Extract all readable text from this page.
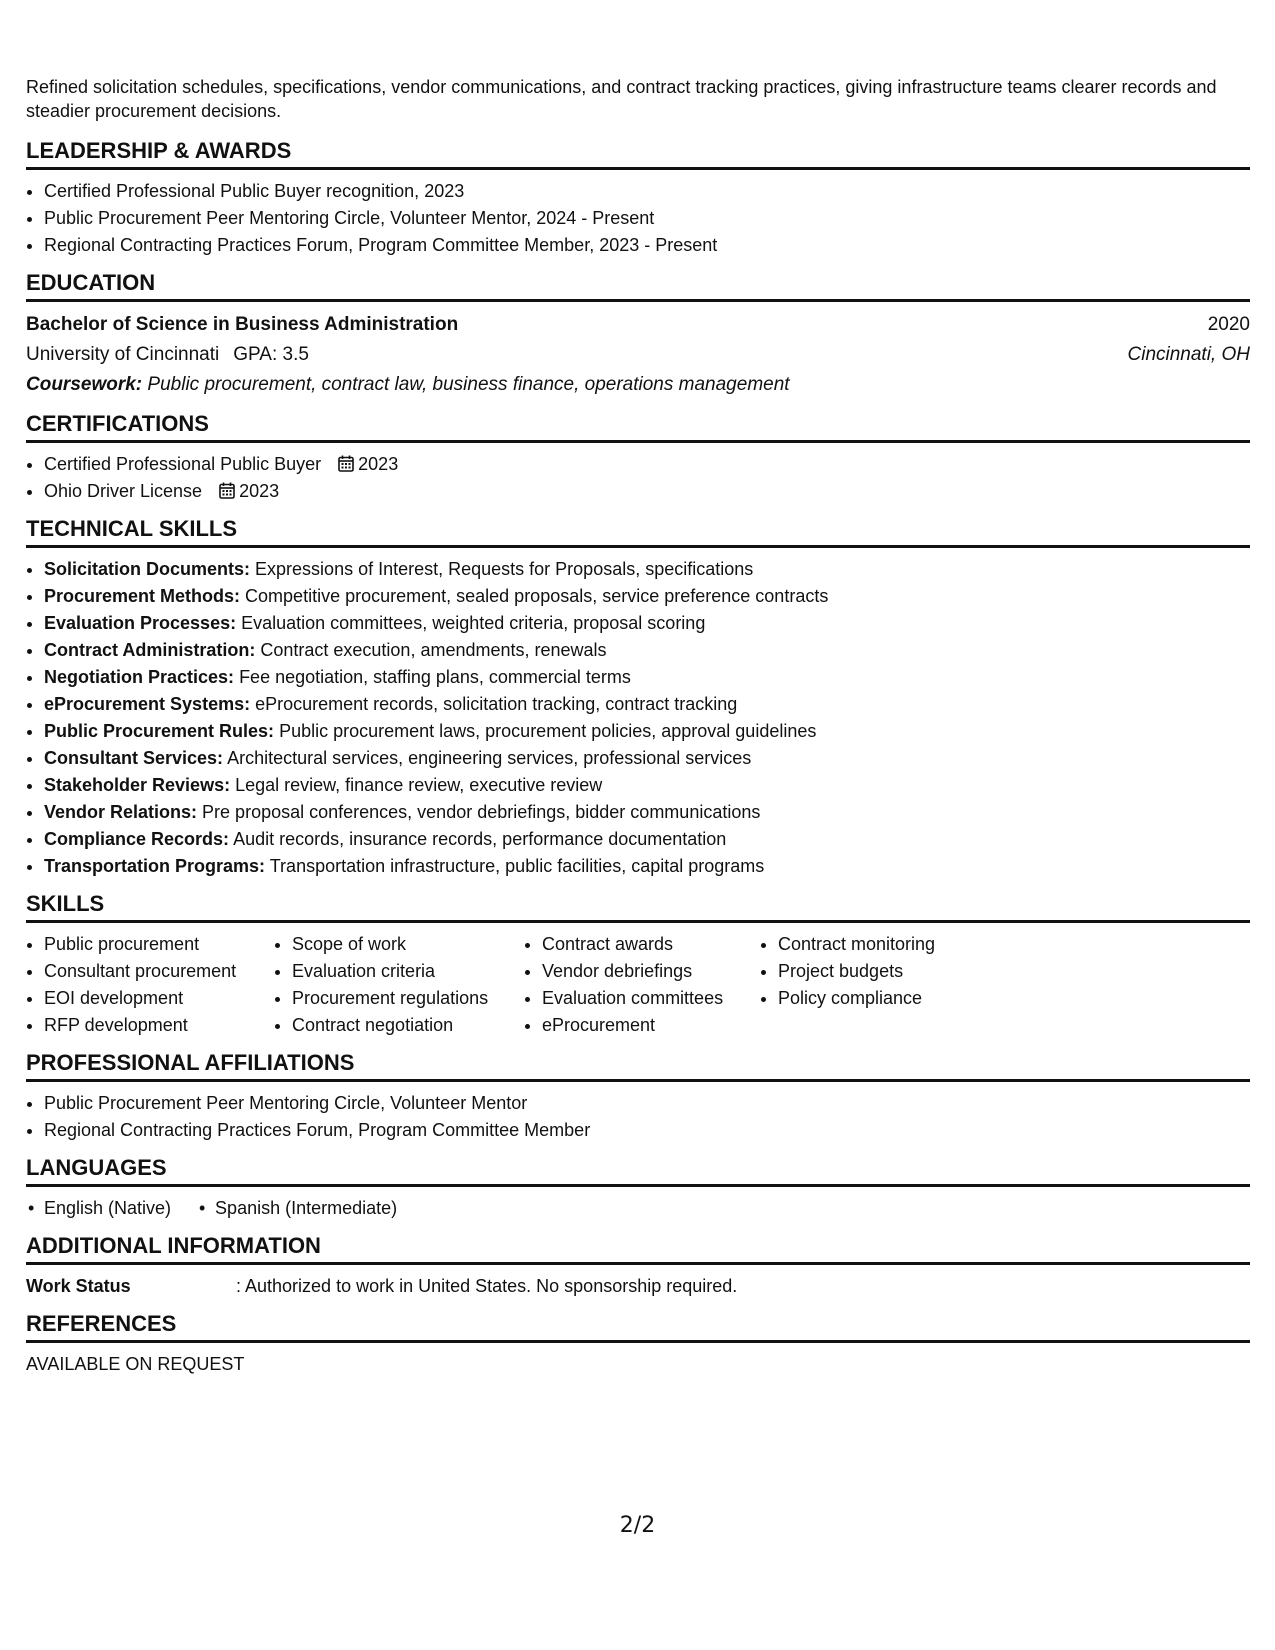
Refined solicitation schedules, specifications, vendor communications, and contract tracking practices, giving infrastructure teams clearer records and steadier procurement decisions.

LEADERSHIP & AWARDS
• Certified Professional Public Buyer recognition, 2023
• Public Procurement Peer Mentoring Circle, Volunteer Mentor, 2024 - Present
• Regional Contracting Practices Forum, Program Committee Member, 2023 - Present
EDUCATION
Bachelor of Science in Business Administration	2020
University of Cincinnati GPA: 3.5	Cincinnati, OH
Coursework: Public procurement, contract law, business finance, operations management
CERTIFICATIONS
• Certified Professional Public Buyer 2023
• Ohio Driver License 2023
TECHNICAL SKILLS
• Solicitation Documents: Expressions of Interest, Requests for Proposals, specifications
• Procurement Methods: Competitive procurement, sealed proposals, service preference contracts
• Evaluation Processes: Evaluation committees, weighted criteria, proposal scoring
• Contract Administration: Contract execution, amendments, renewals
• Negotiation Practices: Fee negotiation, staffing plans, commercial terms
• eProcurement Systems: eProcurement records, solicitation tracking, contract tracking
• Public Procurement Rules: Public procurement laws, procurement policies, approval guidelines
• Consultant Services: Architectural services, engineering services, professional services
• Stakeholder Reviews: Legal review, finance review, executive review
• Vendor Relations: Pre proposal conferences, vendor debriefings, bidder communications
• Compliance Records: Audit records, insurance records, performance documentation
• Transportation Programs: Transportation infrastructure, public facilities, capital programs
SKILLS
• Public procurement
• Consultant procurement
• EOI development
• RFP development
• Scope of work
• Evaluation criteria
• Procurement regulations
• Contract negotiation
• Contract awards
• Vendor debriefings
• Evaluation committees
• eProcurement
• Contract monitoring
• Project budgets
• Policy compliance
PROFESSIONAL AFFILIATIONS
• Public Procurement Peer Mentoring Circle, Volunteer Mentor
• Regional Contracting Practices Forum, Program Committee Member
LANGUAGES
• English (Native)
•	Spanish (Intermediate)
ADDITIONAL INFORMATION
Work Status	: Authorized to work in United States. No sponsorship required.
REFERENCES
AVAILABLE ON REQUEST
2/2
